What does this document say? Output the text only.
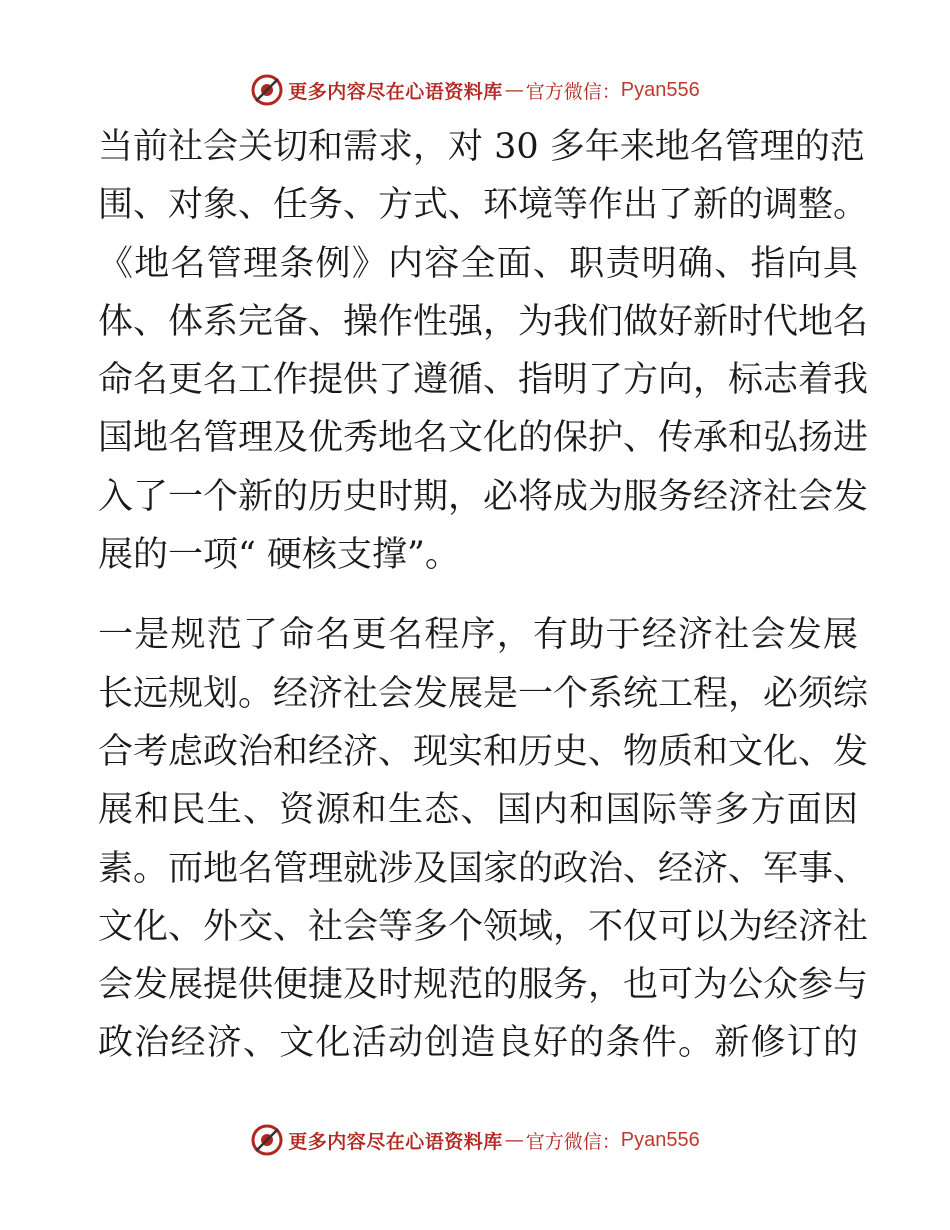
更多内容尽在心语资料库 — 官方微信： Pyan556
当前社会关切和需求，对 30 多年来地名管理的范
围、对象、任务、方式、环境等作出了新的调整。
《地名管理条例》内容全面、职责明确、指向具
体、体系完备、操作性强，为我们做好新时代地名
命名更名工作提供了遵循、指明了方向，标志着我
国地名管理及优秀地名文化的保护、传承和弘扬进
入了一个新的历史时期，必将成为服务经济社会发
展的一项“ 硬核支撑”。
一是规范了命名更名程序，有助于经济社会发展
长远规划。经济社会发展是一个系统工程，必须综
合考虑政治和经济、现实和历史、物质和文化、发
展和民生、资源和生态、国内和国际等多方面因
素。而地名管理就涉及国家的政治、经济、军事、
文化、外交、社会等多个领域，不仅可以为经济社
会发展提供便捷及时规范的服务，也可为公众参与
政治经济、文化活动创造良好的条件。新修订的
更多内容尽在心语资料库 — 官方微信： Pyan556
